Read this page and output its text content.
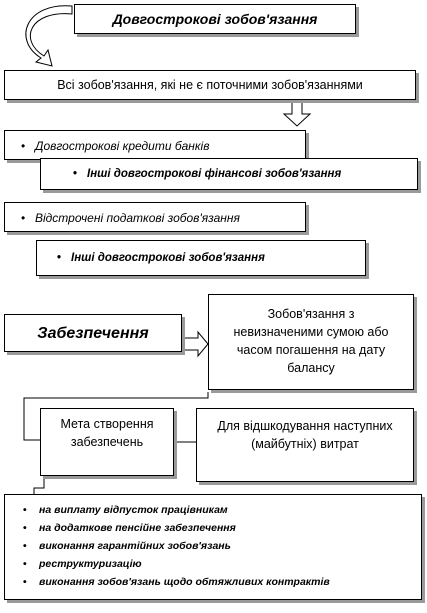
Довгострокові зобов'язання
Всі зобов'язання, які не є поточними зобов'язаннями
• Довгострокові кредити банків
• Інші довгострокові фінансові зобов'язання
• Відстрочені податкові зобов'язання
• Інші довгострокові зобов'язання
Забезпечення
Зобов'язання з невизначеними сумою або часом погашення на дату балансу
Мета створення забезпечень
Для відшкодування наступних (майбутніх) витрат
• на виплату відпусток працівникам
• на додаткове пенсійне забезпечення
• виконання гарантійних зобов'язань
• реструктуризацію
• виконання зобов'язань щодо обтяжливих контрактів
